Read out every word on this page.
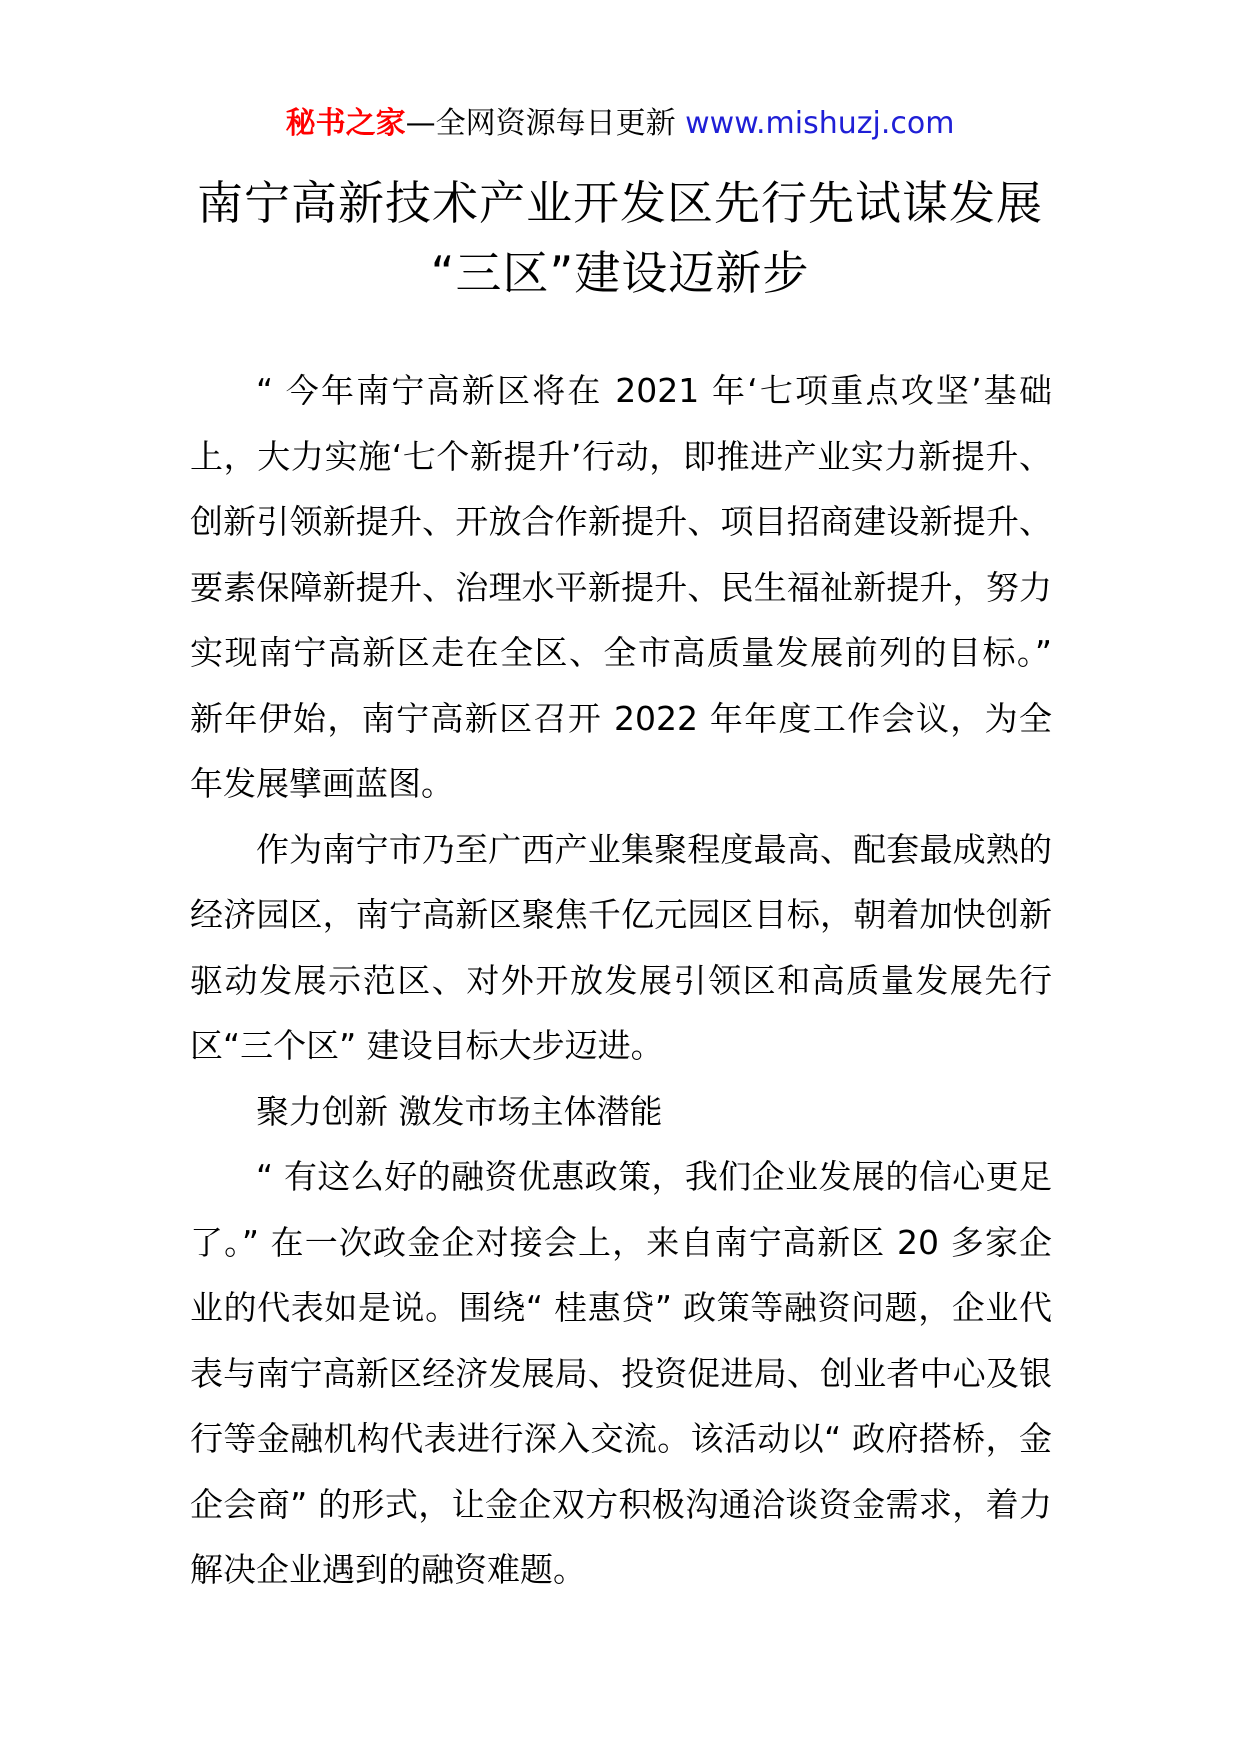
秘书之家—全网资源每日更新 www.mishuzj.com
南宁高新技术产业开发区先行先试谋发展
“三区”建设迈新步

“ 今年南宁高新区将在 2021 年‘七项重点攻坚’基础上，大力实施‘七个新提升’行动，即推进产业实力新提升、创新引领新提升、开放合作新提升、项目招商建设新提升、要素保障新提升、治理水平新提升、民生福祉新提升，努力实现南宁高新区走在全区、全市高质量发展前列的目标。” 新年伊始，南宁高新区召开 2022 年年度工作会议，为全年发展擘画蓝图。

作为南宁市乃至广西产业集聚程度最高、配套最成熟的经济园区，南宁高新区聚焦千亿元园区目标，朝着加快创新驱动发展示范区、对外开放发展引领区和高质量发展先行区“三个区” 建设目标大步迈进。

聚力创新 激发市场主体潜能

“ 有这么好的融资优惠政策，我们企业发展的信心更足了。” 在一次政金企对接会上，来自南宁高新区 20 多家企业的代表如是说。围绕“ 桂惠贷” 政策等融资问题，企业代表与南宁高新区经济发展局、投资促进局、创业者中心及银行等金融机构代表进行深入交流。该活动以“ 政府搭桥，金企会商” 的形式，让金企双方积极沟通洽谈资金需求，着力解决企业遇到的融资难题。
